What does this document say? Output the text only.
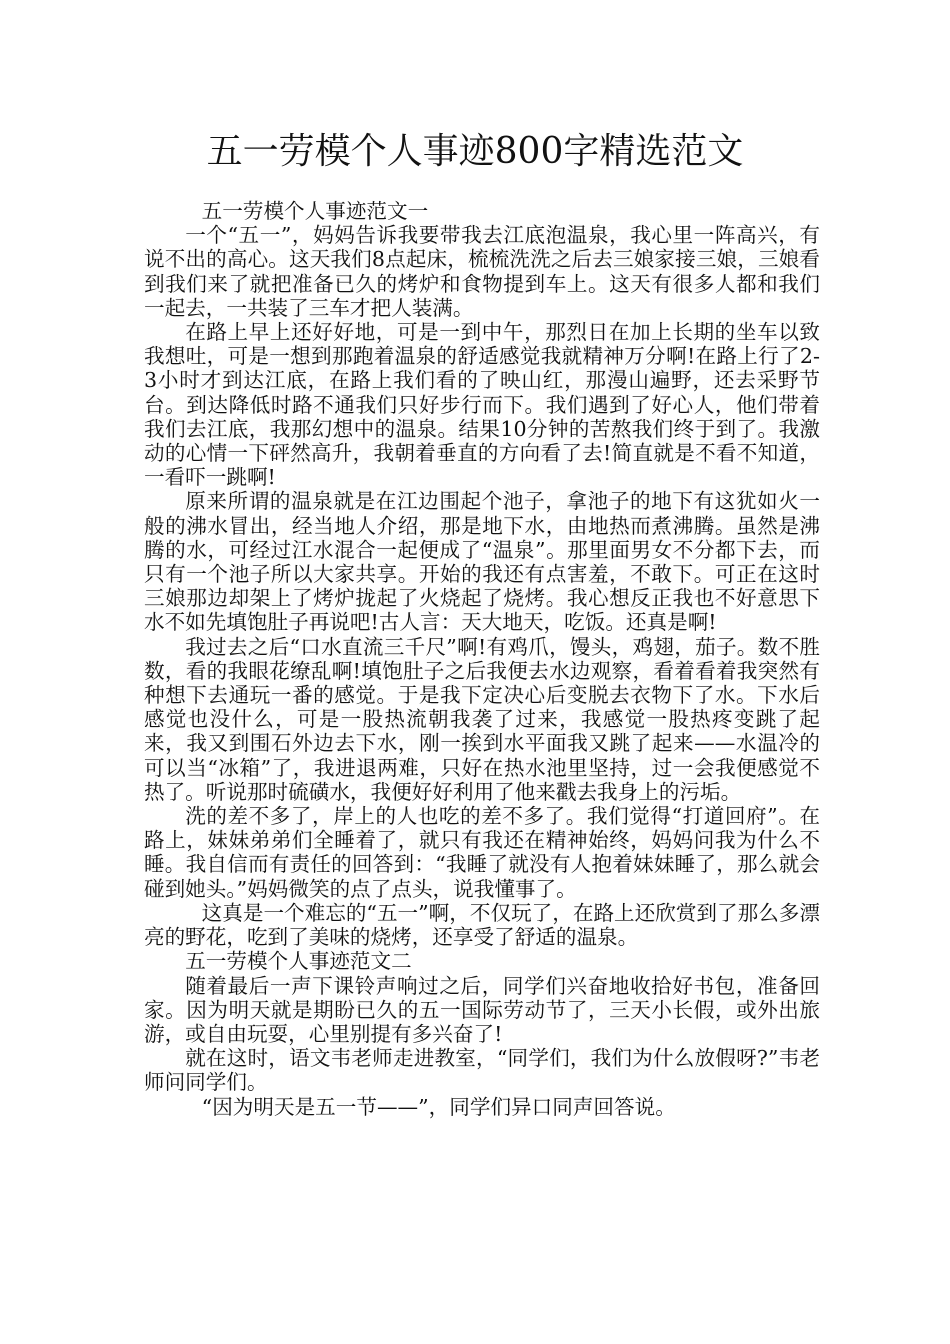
五一劳模个人事迹800字精选范文

五一劳模个人事迹范文一

一个“五一”，妈妈告诉我要带我去江底泡温泉，我心里一阵高兴，有说不出的高心。这天我们8点起床，梳梳洗洗之后去三娘家接三娘，三娘看到我们来了就把准备已久的烤炉和食物提到车上。这天有很多人都和我们一起去，一共装了三车才把人装满。

在路上早上还好好地，可是一到中午，那烈日在加上长期的坐车以致我想吐，可是一想到那跑着温泉的舒适感觉我就精神万分啊!在路上行了2-3小时才到达江底，在路上我们看的了映山红，那漫山遍野，还去采野节台。到达降低时路不通我们只好步行而下。我们遇到了好心人，他们带着我们去江底，我那幻想中的温泉。结果10分钟的苦熬我们终于到了。我激动的心情一下砰然高升，我朝着垂直的方向看了去!简直就是不看不知道，一看吓一跳啊!

原来所谓的温泉就是在江边围起个池子，拿池子的地下有这犹如火一般的沸水冒出，经当地人介绍，那是地下水，由地热而煮沸腾。虽然是沸腾的水，可经过江水混合一起便成了“温泉”。那里面男女不分都下去，而只有一个池子所以大家共享。开始的我还有点害羞，不敢下。可正在这时三娘那边却架上了烤炉拢起了火烧起了烧烤。我心想反正我也不好意思下水不如先填饱肚子再说吧!古人言：天大地天，吃饭。还真是啊!

我过去之后“口水直流三千尺”啊!有鸡爪，馒头，鸡翅，茄子。数不胜数，看的我眼花缭乱啊!填饱肚子之后我便去水边观察，看着看着我突然有种想下去通玩一番的感觉。于是我下定决心后变脱去衣物下了水。下水后感觉也没什么，可是一股热流朝我袭了过来，我感觉一股热疼变跳了起来，我又到围石外边去下水，刚一挨到水平面我又跳了起来——水温冷的可以当“冰箱”了，我进退两难，只好在热水池里坚持，过一会我便感觉不热了。听说那时硫磺水，我便好好利用了他来戳去我身上的污垢。

洗的差不多了，岸上的人也吃的差不多了。我们觉得“打道回府”。在路上，妹妹弟弟们全睡着了，就只有我还在精神始终，妈妈问我为什么不睡。我自信而有责任的回答到：“我睡了就没有人抱着妹妹睡了，那么就会碰到她头。”妈妈微笑的点了点头，说我懂事了。

这真是一个难忘的“五一”啊，不仅玩了，在路上还欣赏到了那么多漂亮的野花，吃到了美味的烧烤，还享受了舒适的温泉。

五一劳模个人事迹范文二

随着最后一声下课铃声响过之后，同学们兴奋地收拾好书包，准备回家。因为明天就是期盼已久的五一国际劳动节了，三天小长假，或外出旅游，或自由玩耍，心里别提有多兴奋了!

就在这时，语文韦老师走进教室，“同学们，我们为什么放假呀?”韦老师问同学们。

“因为明天是五一节——”，同学们异口同声回答说。
